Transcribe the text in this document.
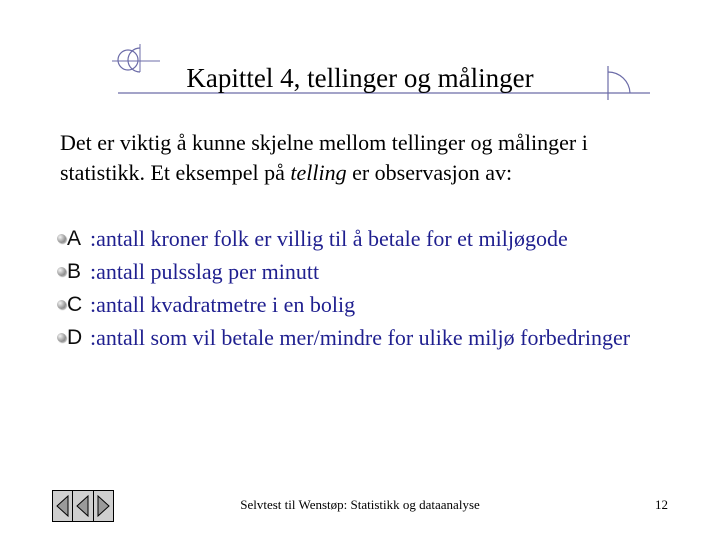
Kapittel 4, tellinger og målinger
Det er viktig å kunne skjelne mellom tellinger og målinger i statistikk. Et eksempel på telling er observasjon av:
A :antall kroner folk er villig til å betale for et miljøgode
B :antall pulsslag per minutt
C :antall kvadratmetre i en bolig
D :antall som vil betale mer/mindre for ulike miljø forbedringer
Selvtest til Wenstøp: Statistikk og dataanalyse	12
